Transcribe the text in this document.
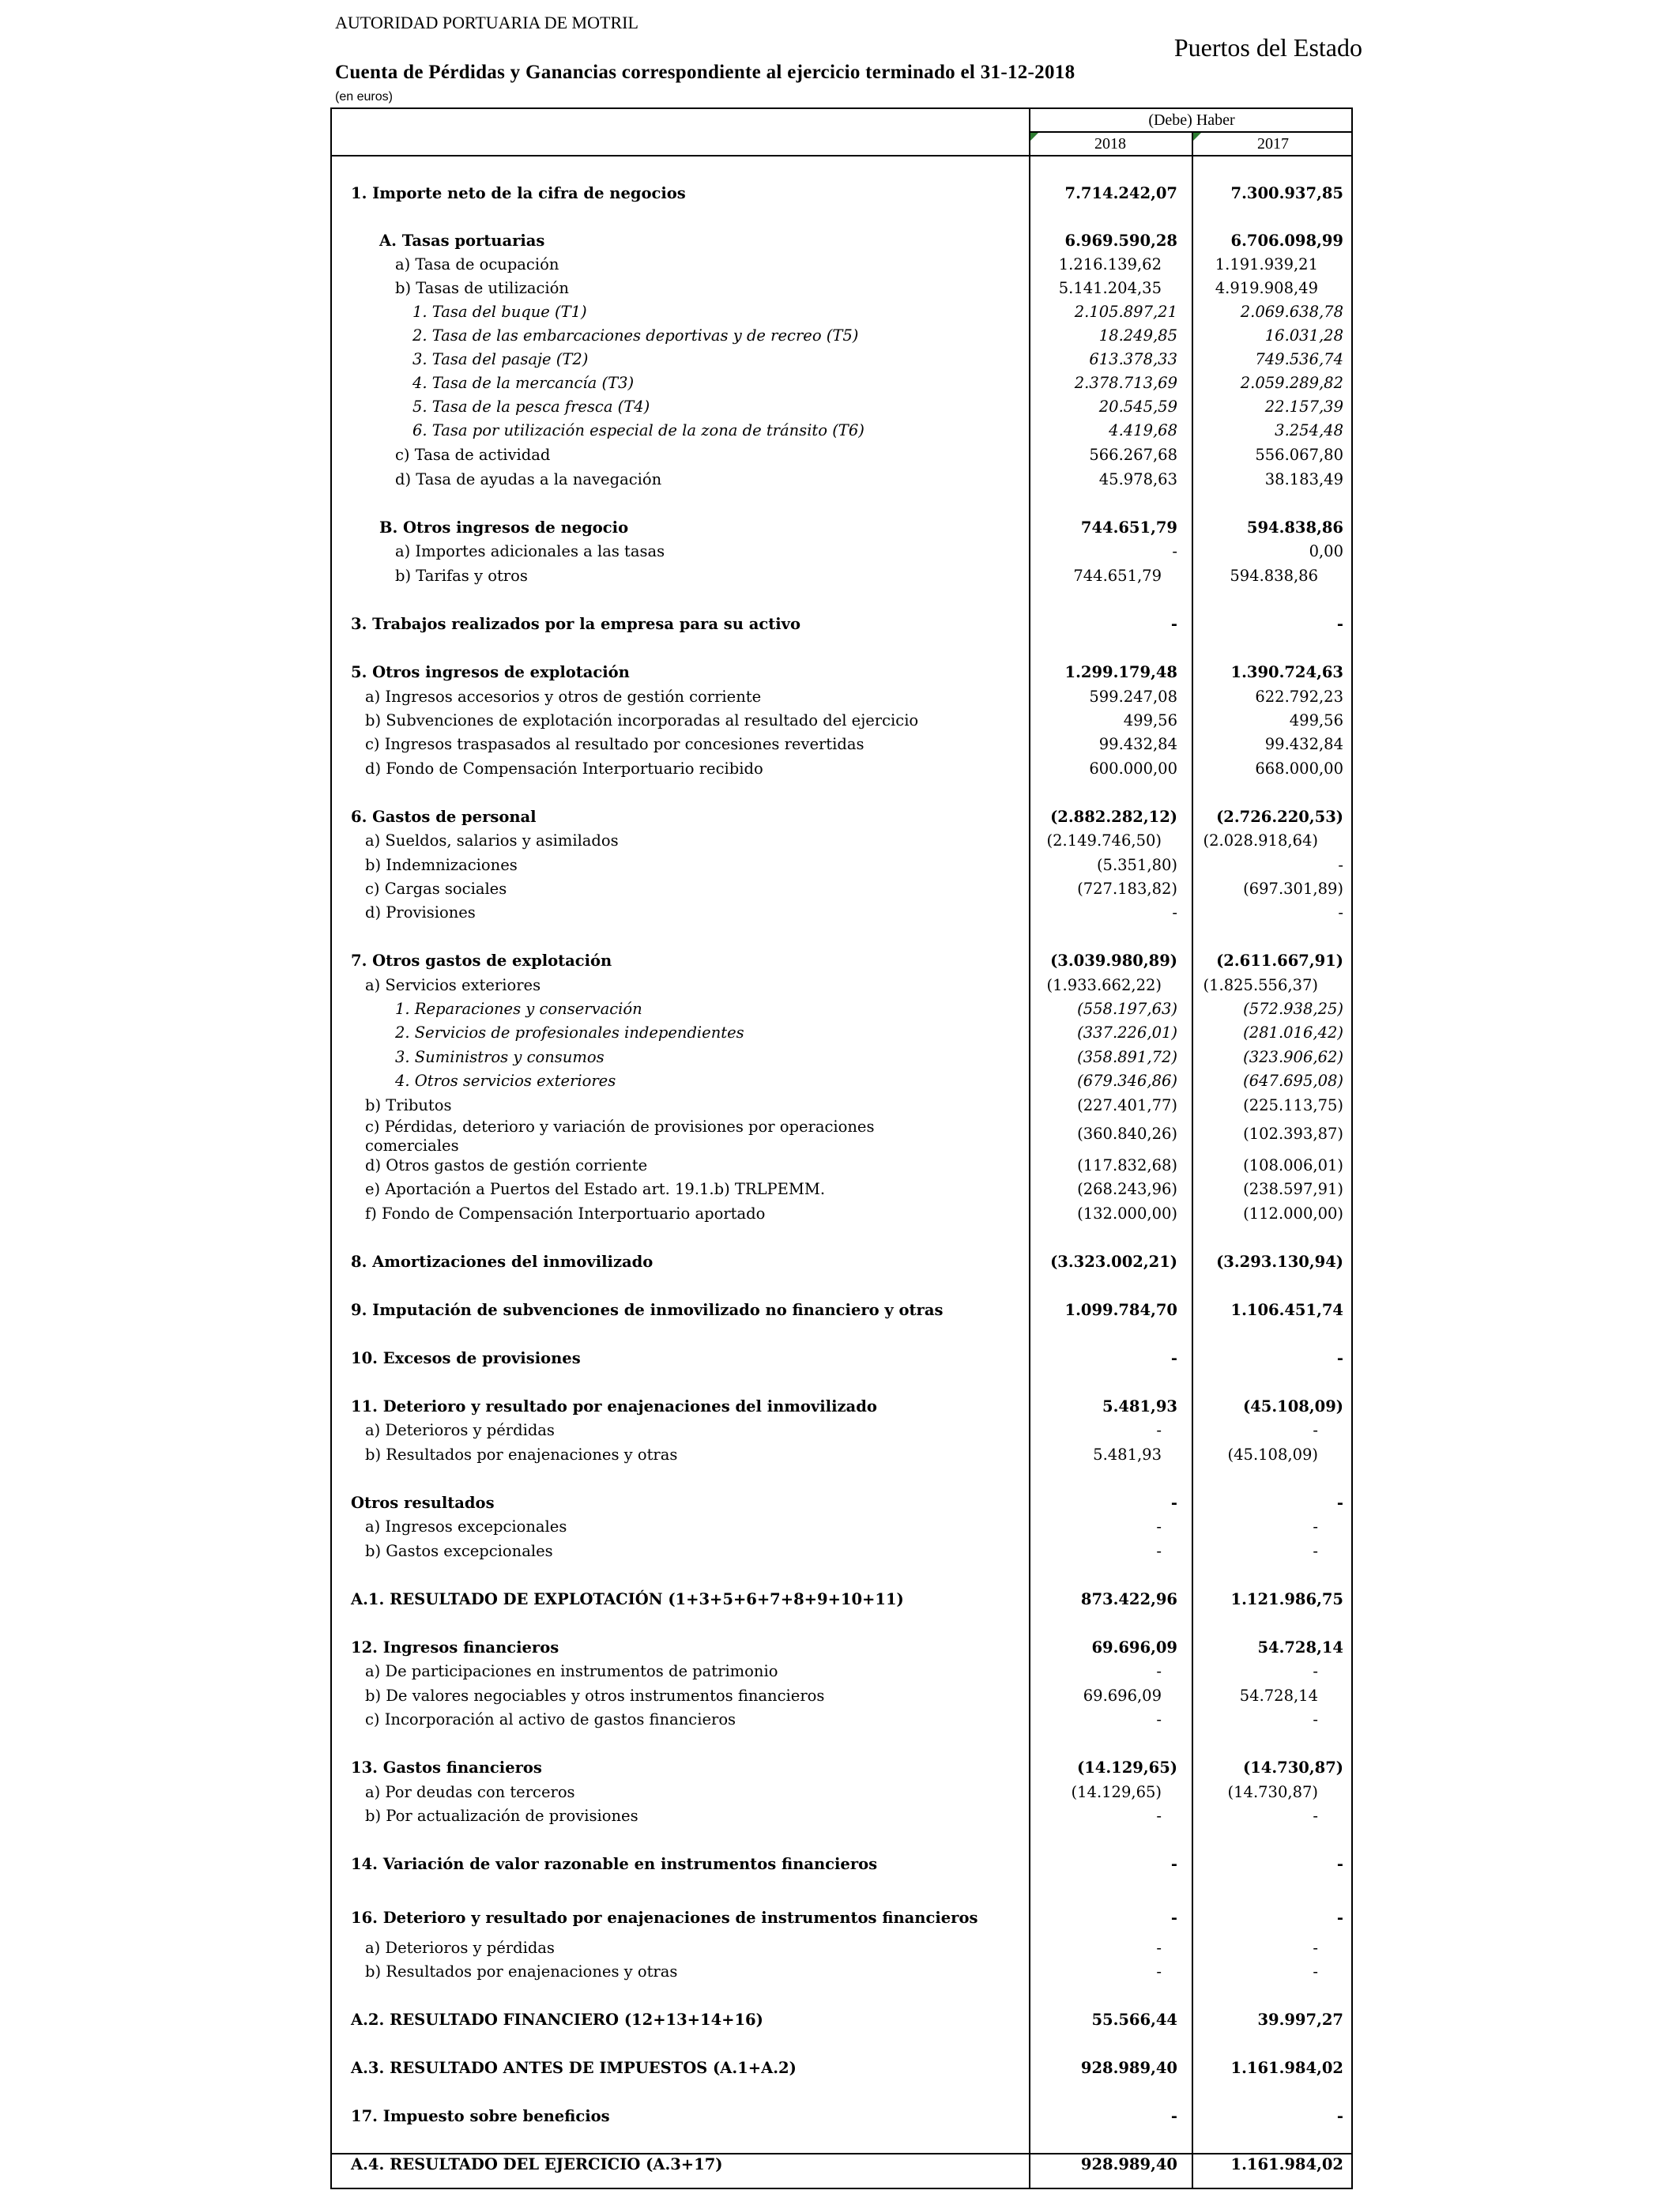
AUTORIDAD PORTUARIA DE MOTRIL
Puertos del Estado
Cuenta de Pérdidas y Ganancias correspondiente al ejercicio terminado el 31-12-2018
(en euros)
(Debe) Haber
2018	2017
1. Importe neto de la cifra de negocios	7.714.242,07	7.300.937,85
A. Tasas portuarias	6.969.590,28	6.706.098,99
a) Tasa de ocupación	1.216.139,62	1.191.939,21
b) Tasas de utilización	5.141.204,35	4.919.908,49
1. Tasa del buque (T1)	2.105.897,21	2.069.638,78
2. Tasa de las embarcaciones deportivas y de recreo (T5)	18.249,85	16.031,28
3. Tasa del pasaje (T2)	613.378,33	749.536,74
4. Tasa de la mercancía (T3)	2.378.713,69	2.059.289,82
5. Tasa de la pesca fresca (T4)	20.545,59	22.157,39
6. Tasa por utilización especial de la zona de tránsito (T6)	4.419,68	3.254,48
c) Tasa de actividad	566.267,68	556.067,80
d) Tasa de ayudas a la navegación	45.978,63	38.183,49
B. Otros ingresos de negocio	744.651,79	594.838,86
a) Importes adicionales a las tasas	-	0,00
b) Tarifas y otros	744.651,79	594.838,86
3. Trabajos realizados por la empresa para su activo	-	-
5. Otros ingresos de explotación	1.299.179,48	1.390.724,63
a) Ingresos accesorios y otros de gestión corriente	599.247,08	622.792,23
b) Subvenciones de explotación incorporadas al resultado del ejercicio	499,56	499,56
c) Ingresos traspasados al resultado por concesiones revertidas	99.432,84	99.432,84
d) Fondo de Compensación Interportuario recibido	600.000,00	668.000,00
6. Gastos de personal	(2.882.282,12)	(2.726.220,53)
a) Sueldos, salarios y asimilados	(2.149.746,50)	(2.028.918,64)
b) Indemnizaciones	(5.351,80)	-
c) Cargas sociales	(727.183,82)	(697.301,89)
d) Provisiones	-	-
7. Otros gastos de explotación	(3.039.980,89)	(2.611.667,91)
a) Servicios exteriores	(1.933.662,22)	(1.825.556,37)
1. Reparaciones y conservación	(558.197,63)	(572.938,25)
2. Servicios de profesionales independientes	(337.226,01)	(281.016,42)
3. Suministros y consumos	(358.891,72)	(323.906,62)
4. Otros servicios exteriores	(679.346,86)	(647.695,08)
b) Tributos	(227.401,77)	(225.113,75)
c) Pérdidas, deterioro y variación de provisiones por operaciones comerciales
(360.840,26)	(102.393,87)
d) Otros gastos de gestión corriente	(117.832,68)	(108.006,01)
e) Aportación a Puertos del Estado art. 19.1.b) TRLPEMM.	(268.243,96)	(238.597,91)
f) Fondo de Compensación Interportuario aportado	(132.000,00)	(112.000,00)
8. Amortizaciones del inmovilizado	(3.323.002,21)	(3.293.130,94)
9. Imputación de subvenciones de inmovilizado no financiero y otras	1.099.784,70	1.106.451,74
10. Excesos de provisiones	-	-
11. Deterioro y resultado por enajenaciones del inmovilizado	5.481,93	(45.108,09)
a) Deterioros y pérdidas	-	-
b) Resultados por enajenaciones y otras	5.481,93	(45.108,09)
Otros resultados	-	-
a) Ingresos excepcionales	-	-
b) Gastos excepcionales	-	-
A.1. RESULTADO DE EXPLOTACIÓN (1+3+5+6+7+8+9+10+11)	873.422,96	1.121.986,75
12. Ingresos financieros	69.696,09	54.728,14
a) De participaciones en instrumentos de patrimonio	-	-
b) De valores negociables y otros instrumentos financieros	69.696,09	54.728,14
c) Incorporación al activo de gastos financieros	-	-
13. Gastos financieros	(14.129,65)	(14.730,87)
a) Por deudas con terceros	(14.129,65)	(14.730,87)
b) Por actualización de provisiones	-	-
14. Variación de valor razonable en instrumentos financieros	-	-
16. Deterioro y resultado por enajenaciones de instrumentos financieros	-	-
a) Deterioros y pérdidas	-	-
b) Resultados por enajenaciones y otras	-	-
A.2. RESULTADO FINANCIERO (12+13+14+16)	55.566,44	39.997,27
A.3. RESULTADO ANTES DE IMPUESTOS (A.1+A.2)	928.989,40	1.161.984,02
17. Impuesto sobre beneficios	-	-
A.4. RESULTADO DEL EJERCICIO (A.3+17)	928.989,40	1.161.984,02
